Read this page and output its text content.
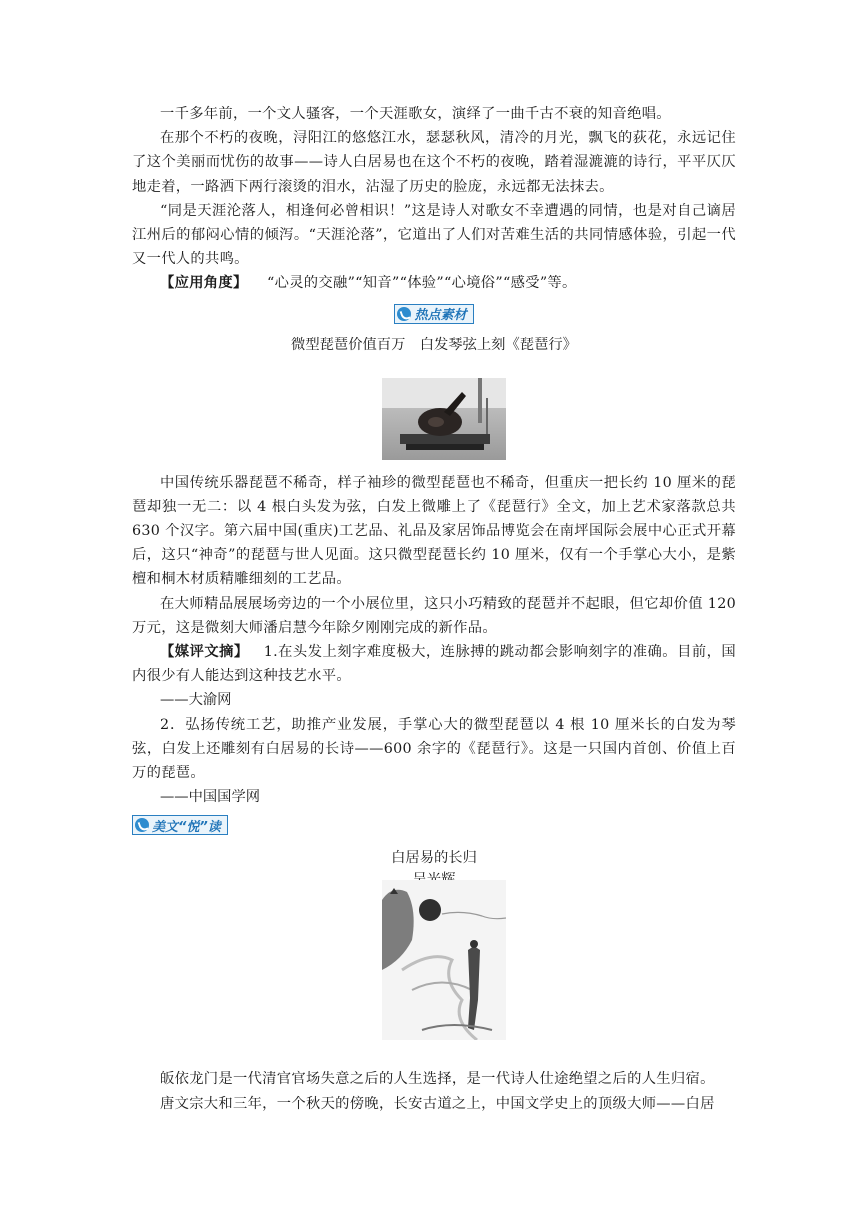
一千多年前，一个文人骚客，一个天涯歌女，演绎了一曲千古不衰的知音绝唱。

在那个不朽的夜晚，浔阳江的悠悠江水，瑟瑟秋风，清冷的月光，飘飞的荻花，永远记住了这个美丽而忧伤的故事——诗人白居易也在这个不朽的夜晚，踏着湿漉漉的诗行，平平仄仄地走着，一路洒下两行滚烫的泪水，沾湿了历史的脸庞，永远都无法抹去。

“同是天涯沦落人，相逢何必曾相识！”这是诗人对歌女不幸遭遇的同情，也是对自己谪居江州后的郁闷心情的倾泻。“天涯沦落”，它道出了人们对苦难生活的共同情感体验，引起一代又一代人的共鸣。

【应用角度】 “心灵的交融”“知音”“体验”“心境俗”“感受”等。

热点素材
微型琵琶价值百万　白发琴弦上刻《琵琶行》

中国传统乐器琵琶不稀奇，样子袖珍的微型琵琶也不稀奇，但重庆一把长约 10 厘米的琵琶却独一无二：以 4 根白头发为弦，白发上微雕上了《琵琶行》全文，加上艺术家落款总共 630 个汉字。第六届中国(重庆)工艺品、礼品及家居饰品博览会在南坪国际会展中心正式开幕后，这只“神奇”的琵琶与世人见面。这只微型琵琶长约 10 厘米，仅有一个手掌心大小，是紫檀和桐木材质精雕细刻的工艺品。

在大师精品展展场旁边的一个小展位里，这只小巧精致的琵琶并不起眼，但它却价值 120 万元，这是微刻大师潘启慧今年除夕刚刚完成的新作品。

【媒评文摘】 1.在头发上刻字难度极大，连脉搏的跳动都会影响刻字的准确。目前，国内很少有人能达到这种技艺水平。

——大渝网

2．弘扬传统工艺，助推产业发展，手掌心大的微型琵琶以 4 根 10 厘米长的白发为琴弦，白发上还雕刻有白居易的长诗——600 余字的《琵琶行》。这是一只国内首创、价值上百万的琵琶。

——中国国学网

美文“悦”读
白居易的长归

皈依龙门是一代清官官场失意之后的人生选择，是一代诗人仕途绝望之后的人生归宿。

唐文宗大和三年，一个秋天的傍晚，长安古道之上，中国文学史上的顶级大师——白居
